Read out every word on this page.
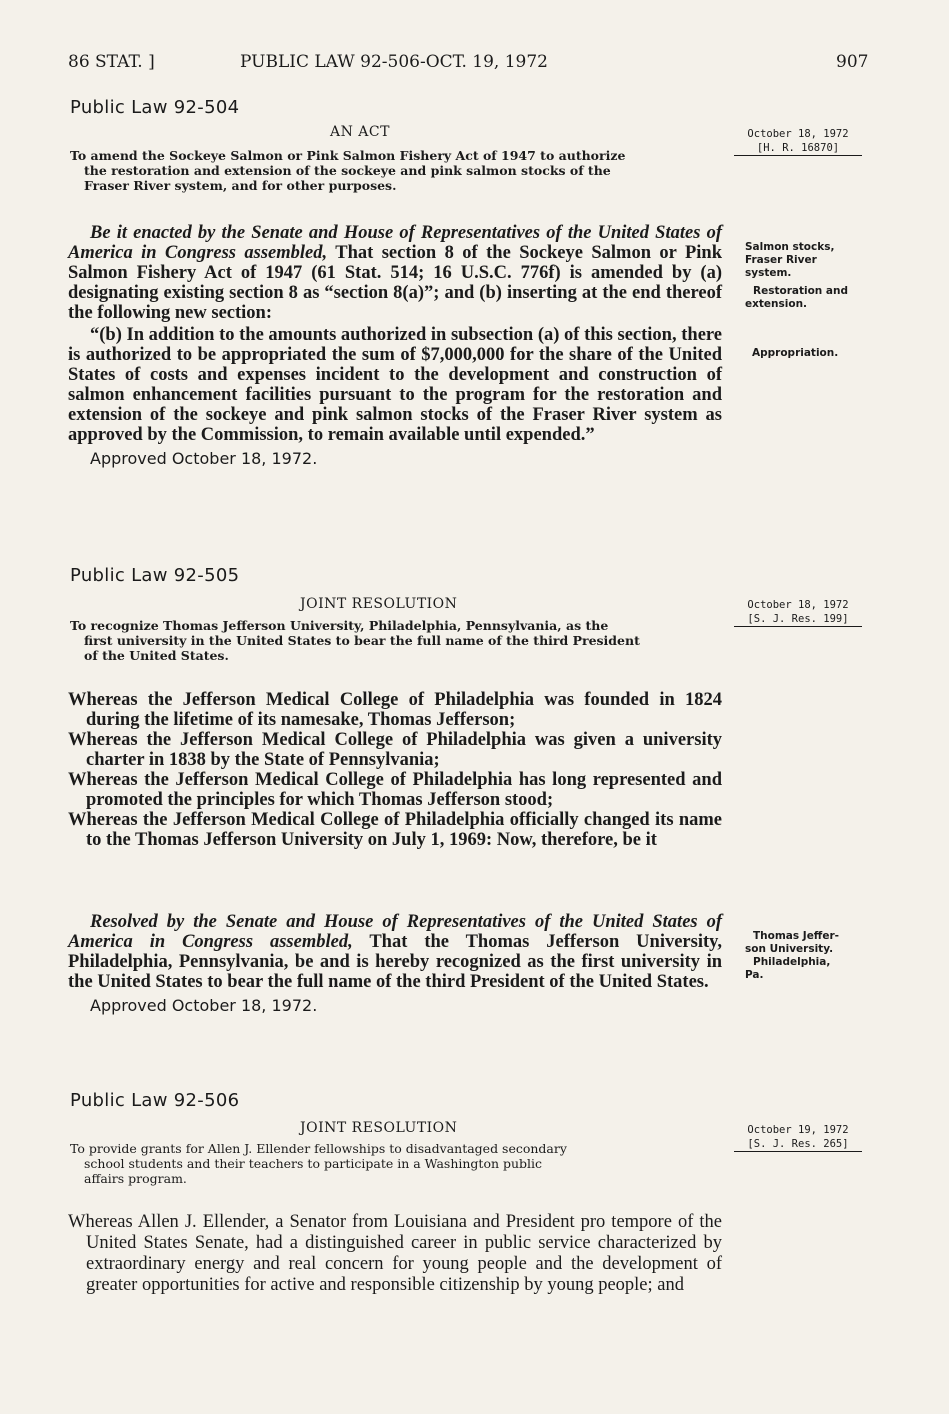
86 STAT. ]	PUBLIC LAW 92-506-OCT. 19, 1972	907
Public Law 92-504
AN ACT
To amend the Sockeye Salmon or Pink Salmon Fishery Act of 1947 to authorize
the restoration and extension of the sockeye and pink salmon stocks of the
Fraser River system, and for other purposes.
October 18, 1972
[H. R. 16870]

Be it enacted by the Senate and House of Representatives of the United States of America in Congress assembled, That section 8 of the Sockeye Salmon or Pink Salmon Fishery Act of 1947 (61 Stat. 514; 16 U.S.C. 776f) is amended by (a) designating existing section 8 as “section 8(a)”; and (b) inserting at the end thereof the following new section:

“(b) In addition to the amounts authorized in subsection (a) of this section, there is authorized to be appropriated the sum of $7,000,000 for the share of the United States of costs and expenses incident to the development and construction of salmon enhancement facilities pursuant to the program for the restoration and extension of the sockeye and pink salmon stocks of the Fraser River system as approved by the Commission, to remain available until expended.”

Approved October 18, 1972.

Salmon stocks,
Fraser River
system.
Restoration and
extension.
Appropriation.
Public Law 92-505
JOINT RESOLUTION
To recognize Thomas Jefferson University, Philadelphia, Pennsylvania, as the
first university in the United States to bear the full name of the third President
of the United States.
October 18, 1972
[S. J. Res. 199]

Whereas the Jefferson Medical College of Philadelphia was founded in 1824 during the lifetime of its namesake, Thomas Jefferson;

Whereas the Jefferson Medical College of Philadelphia was given a university charter in 1838 by the State of Pennsylvania;

Whereas the Jefferson Medical College of Philadelphia has long represented and promoted the principles for which Thomas Jefferson stood;

Whereas the Jefferson Medical College of Philadelphia officially changed its name to the Thomas Jefferson University on July 1, 1969: Now, therefore, be it

Resolved by the Senate and House of Representatives of the United States of America in Congress assembled, That the Thomas Jefferson University, Philadelphia, Pennsylvania, be and is hereby recognized as the first university in the United States to bear the full name of the third President of the United States.

Approved October 18, 1972.

Thomas Jeffer-
son University.
Philadelphia,
Pa.
Public Law 92-506
JOINT RESOLUTION
To provide grants for Allen J. Ellender fellowships to disadvantaged secondary
school students and their teachers to participate in a Washington public
affairs program.
October 19, 1972
[S. J. Res. 265]

Whereas Allen J. Ellender, a Senator from Louisiana and President pro tempore of the United States Senate, had a distinguished career in public service characterized by extraordinary energy and real concern for young people and the development of greater opportunities for active and responsible citizenship by young people; and
